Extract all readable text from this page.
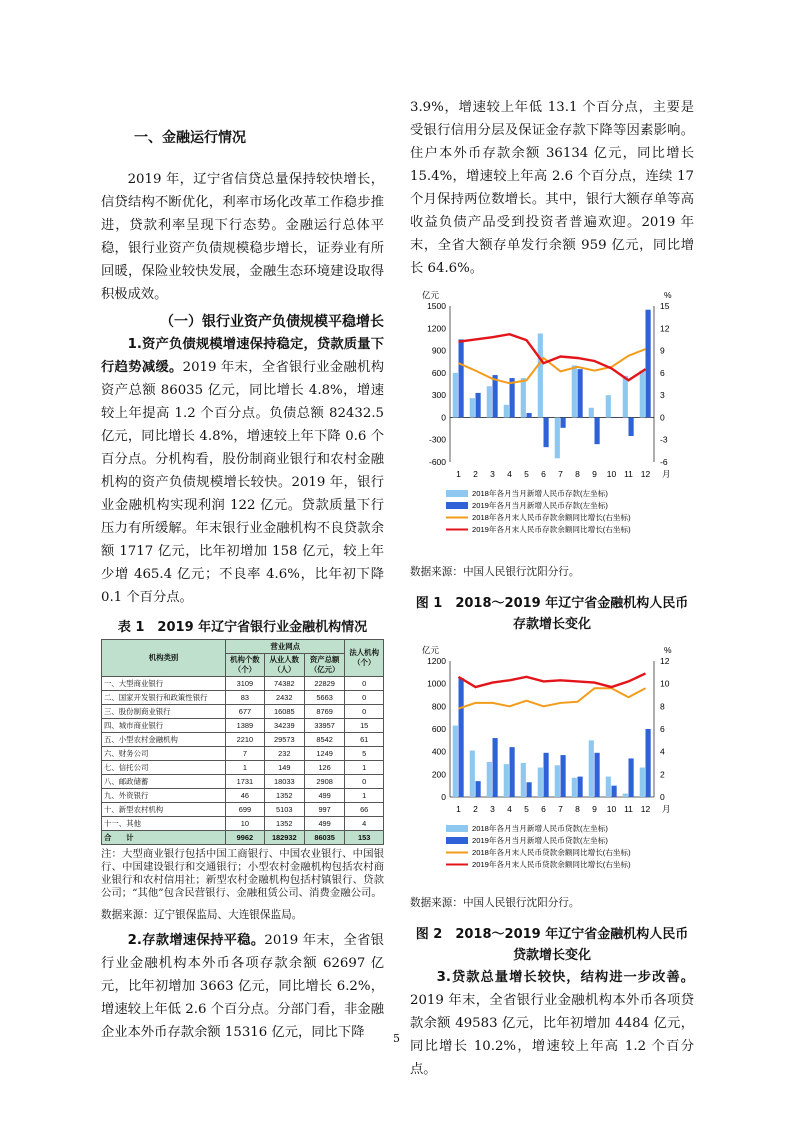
一、金融运行情况

2019 年，辽宁省信贷总量保持较快增长，信贷结构不断优化，利率市场化改革工作稳步推进，贷款利率呈现下行态势。金融运行总体平稳，银行业资产负债规模稳步增长，证券业有所回暖，保险业较快发展，金融生态环境建设取得积极成效。

（一）银行业资产负债规模平稳增长

1.资产负债规模增速保持稳定，贷款质量下行趋势减缓。2019 年末，全省银行业金融机构资产总额 86035 亿元，同比增长 4.8%，增速较上年提高 1.2 个百分点。负债总额 82432.5 亿元，同比增长 4.8%，增速较上年下降 0.6 个百分点。分机构看，股份制商业银行和农村金融机构的资产负债规模增长较快。2019 年，银行业金融机构实现利润 122 亿元。贷款质量下行压力有所缓解。年末银行业金融机构不良贷款余额 1717 亿元，比年初增加 158 亿元，较上年少增 465.4 亿元；不良率 4.6%，比年初下降 0.1 个百分点。

表 1　2019 年辽宁省银行业金融机构情况
机构类别	营业网点			法人机构（个）
	机构个数（个）	从业人数（人）	资产总额（亿元）	
一、大型商业银行	3109	74382	22829	0
二、国家开发银行和政策性银行	83	2432	5663	0
三、股份制商业银行	677	16085	8769	0
四、城市商业银行	1389	34239	33957	15
五、小型农村金融机构	2210	29573	8542	61
六、财务公司	7	232	1249	5
七、信托公司	1	149	126	1
八、邮政储蓄	1731	18033	2908	0
九、外资银行	46	1352	499	1
十、新型农村机构	699	5103	997	66
十一、其他	10	1352	499	4
合　　计	9962	182932	86035	153

注：大型商业银行包括中国工商银行、中国农业银行、中国银行、中国建设银行和交通银行；小型农村金融机构包括农村商业银行和农村信用社；新型农村金融机构包括村镇银行、贷款公司；“其他”包含民营银行、金融租赁公司、消费金融公司。

数据来源：辽宁银保监局、大连银保监局。

2.存款增速保持平稳。2019 年末，全省银行业金融机构本外币各项存款余额 62697 亿元，比年初增加 3663 亿元，同比增长 6.2%，增速较上年低 2.6 个百分点。分部门看，非金融企业本外币存款余额 15316 亿元，同比下降

3.9%，增速较上年低 13.1 个百分点，主要是受银行信用分层及保证金存款下降等因素影响。住户本外币存款余额 36134 亿元，同比增长 15.4%，增速较上年高 2.6 个百分点，连续 17 个月保持两位数增长。其中，银行大额存单等高收益负债产品受到投资者普遍欢迎。2019 年末，全省大额存单发行余额 959 亿元，同比增长 64.6%。

亿元	%
-600
-300
0
300
600
900
1200
1500
-6
-3
0
3
6
9
12
15
1 2 3 4 5 6 7 8 9 10 11 12 月
2018年各月当月新增人民币存款(左坐标)
2019年各月当月新增人民币存款(左坐标)
2018年各月末人民币存款余额同比增长(右坐标)
2019年各月末人民币存款余额同比增长(右坐标)
数据来源：中国人民银行沈阳分行。
图 1　2018～2019 年辽宁省金融机构人民币
存款增长变化
亿元	%
0
200
400
600
800
1000
1200
0
2
4
6
8
10
12
1 2 3 4 5 6 7 8 9 10 11 12 月
2018年各月当月新增人民币贷款(左坐标)
2019年各月当月新增人民币贷款(左坐标)
2018年各月末人民币贷款余额同比增长(右坐标)
2019年各月末人民币贷款余额同比增长(右坐标)
数据来源：中国人民银行沈阳分行。
图 2　2018～2019 年辽宁省金融机构人民币
贷款增长变化

3.贷款总量增长较快，结构进一步改善。2019 年末，全省银行业金融机构本外币各项贷款余额 49583 亿元，比年初增加 4484 亿元，同比增长 10.2%，增速较上年高 1.2 个百分点。

5
